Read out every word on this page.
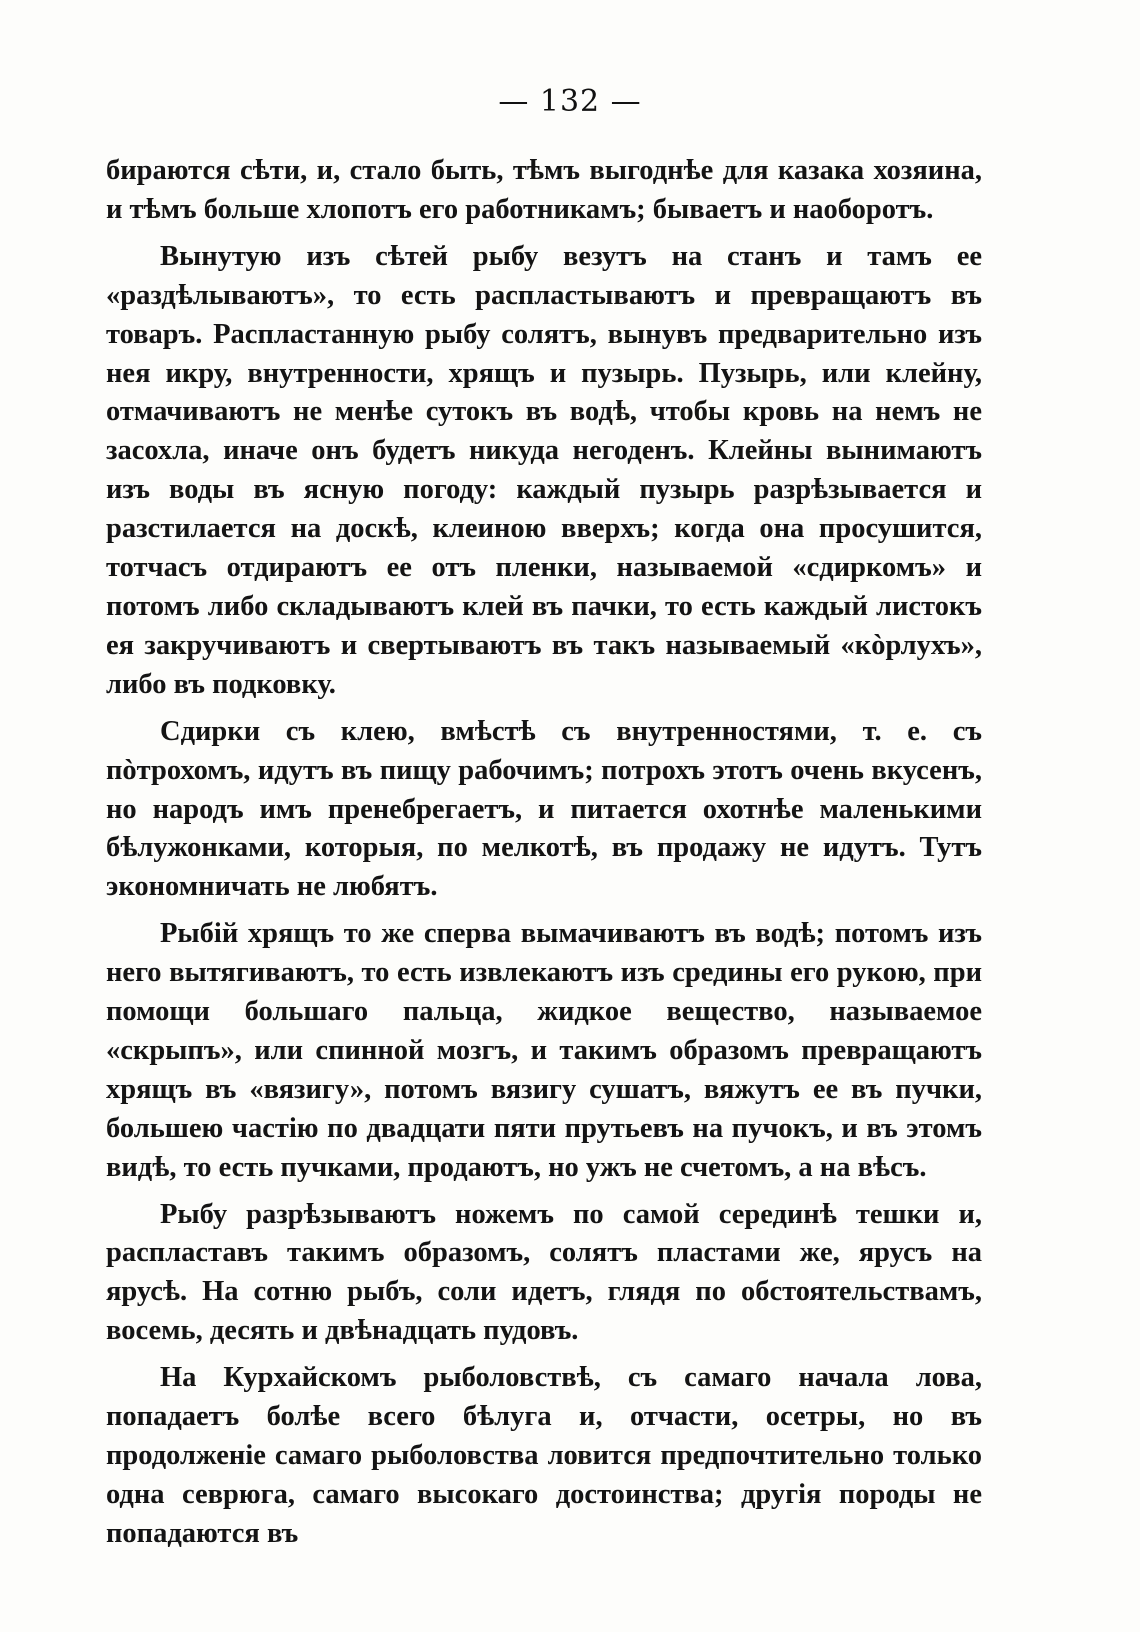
— 132 —

бираются сѣти, и, стало быть, тѣмъ выгоднѣе для казака хозяина, и тѣмъ больше хлопотъ его работникамъ; бываетъ и наоборотъ.

Вынутую изъ сѣтей рыбу везутъ на станъ и тамъ ее «раздѣлываютъ», то есть распластываютъ и превращаютъ въ товаръ. Распластанную рыбу солятъ, вынувъ предварительно изъ нея икру, внутренности, хрящъ и пузырь. Пузырь, или клейну, отмачиваютъ не менѣе сутокъ въ водѣ, чтобы кровь на немъ не засохла, иначе онъ будетъ никуда негоденъ. Клейны вынимаютъ изъ воды въ ясную погоду: каждый пузырь разрѣзывается и разстилается на доскѣ, клеиною вверхъ; когда она просушится, тотчасъ отдираютъ ее отъ пленки, называемой «сдиркомъ» и потомъ либо складываютъ клей въ пачки, то есть каждый листокъ ея закручиваютъ и свертываютъ въ такъ называемый «кòрлухъ», либо въ подковку.

Сдирки съ клею, вмѣстѣ съ внутренностями, т. е. съ пòтрохомъ, идутъ въ пищу рабочимъ; потрохъ этотъ очень вкусенъ, но народъ имъ пренебрегаетъ, и питается охотнѣе маленькими бѣлужонками, которыя, по мелкотѣ, въ продажу не идутъ. Тутъ экономничать не любятъ.

Рыбій хрящъ то же сперва вымачиваютъ въ водѣ; потомъ изъ него вытягиваютъ, то есть извлекаютъ изъ средины его рукою, при помощи большаго пальца, жидкое вещество, называемое «скрыпъ», или спинной мозгъ, и такимъ образомъ превращаютъ хрящъ въ «вязигу», потомъ вязигу сушатъ, вяжутъ ее въ пучки, большею частію по двадцати пяти прутьевъ на пучокъ, и въ этомъ видѣ, то есть пучками, продаютъ, но ужъ не счетомъ, а на вѣсъ.

Рыбу разрѣзываютъ ножемъ по самой серединѣ тешки и, распластавъ такимъ образомъ, солятъ пластами же, ярусъ на ярусѣ. На сотню рыбъ, соли идетъ, глядя по обстоятельствамъ, восемь, десять и двѣнадцать пудовъ.

На Курхайскомъ рыболовствѣ, съ самаго начала лова, попадаетъ болѣе всего бѣлуга и, отчасти, осетры, но въ продолженіе самаго рыболовства ловится предпочтительно только одна севрюга, самаго высокаго достоинства; другія породы не попадаются въ
